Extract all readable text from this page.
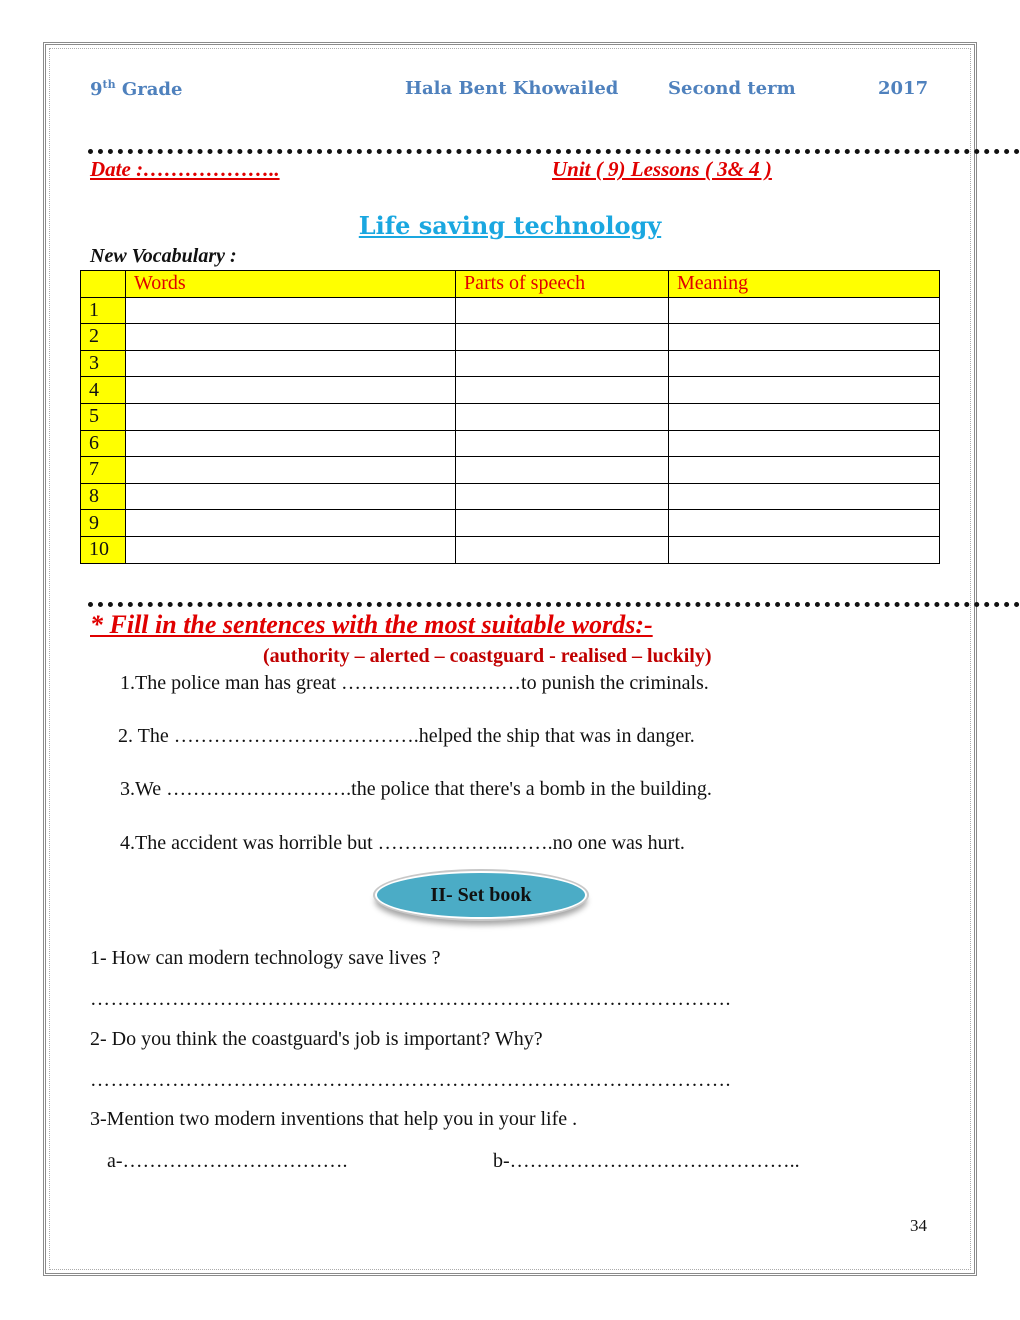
9th Grade	Hala Bent Khowailed	Second term	2017
Date :………………..	Unit ( 9) Lessons ( 3& 4 )
Life saving technology
New Vocabulary :
	Words	Parts of speech	Meaning
1			
2			
3			
4			
5			
6			
7			
8			
9			
10			
* Fill in the sentences with the most suitable words:-
(authority – alerted – coastguard - realised – luckily)
1.The police man has great ………………………to punish the criminals.
2. The ……………………………….helped the ship that was in danger.
3.We ……………………….the police that there's a bomb in the building.
4.The accident was horrible but ………………..…….no one was hurt.
II- Set book
1- How can modern technology save lives ?
………………………………………………………………………………….
2- Do you think the coastguard's job is important? Why?
………………………………………………………………………………….
3-Mention two modern inventions that help you in your life .
a-…………………………….	b-……………………………………..
34
